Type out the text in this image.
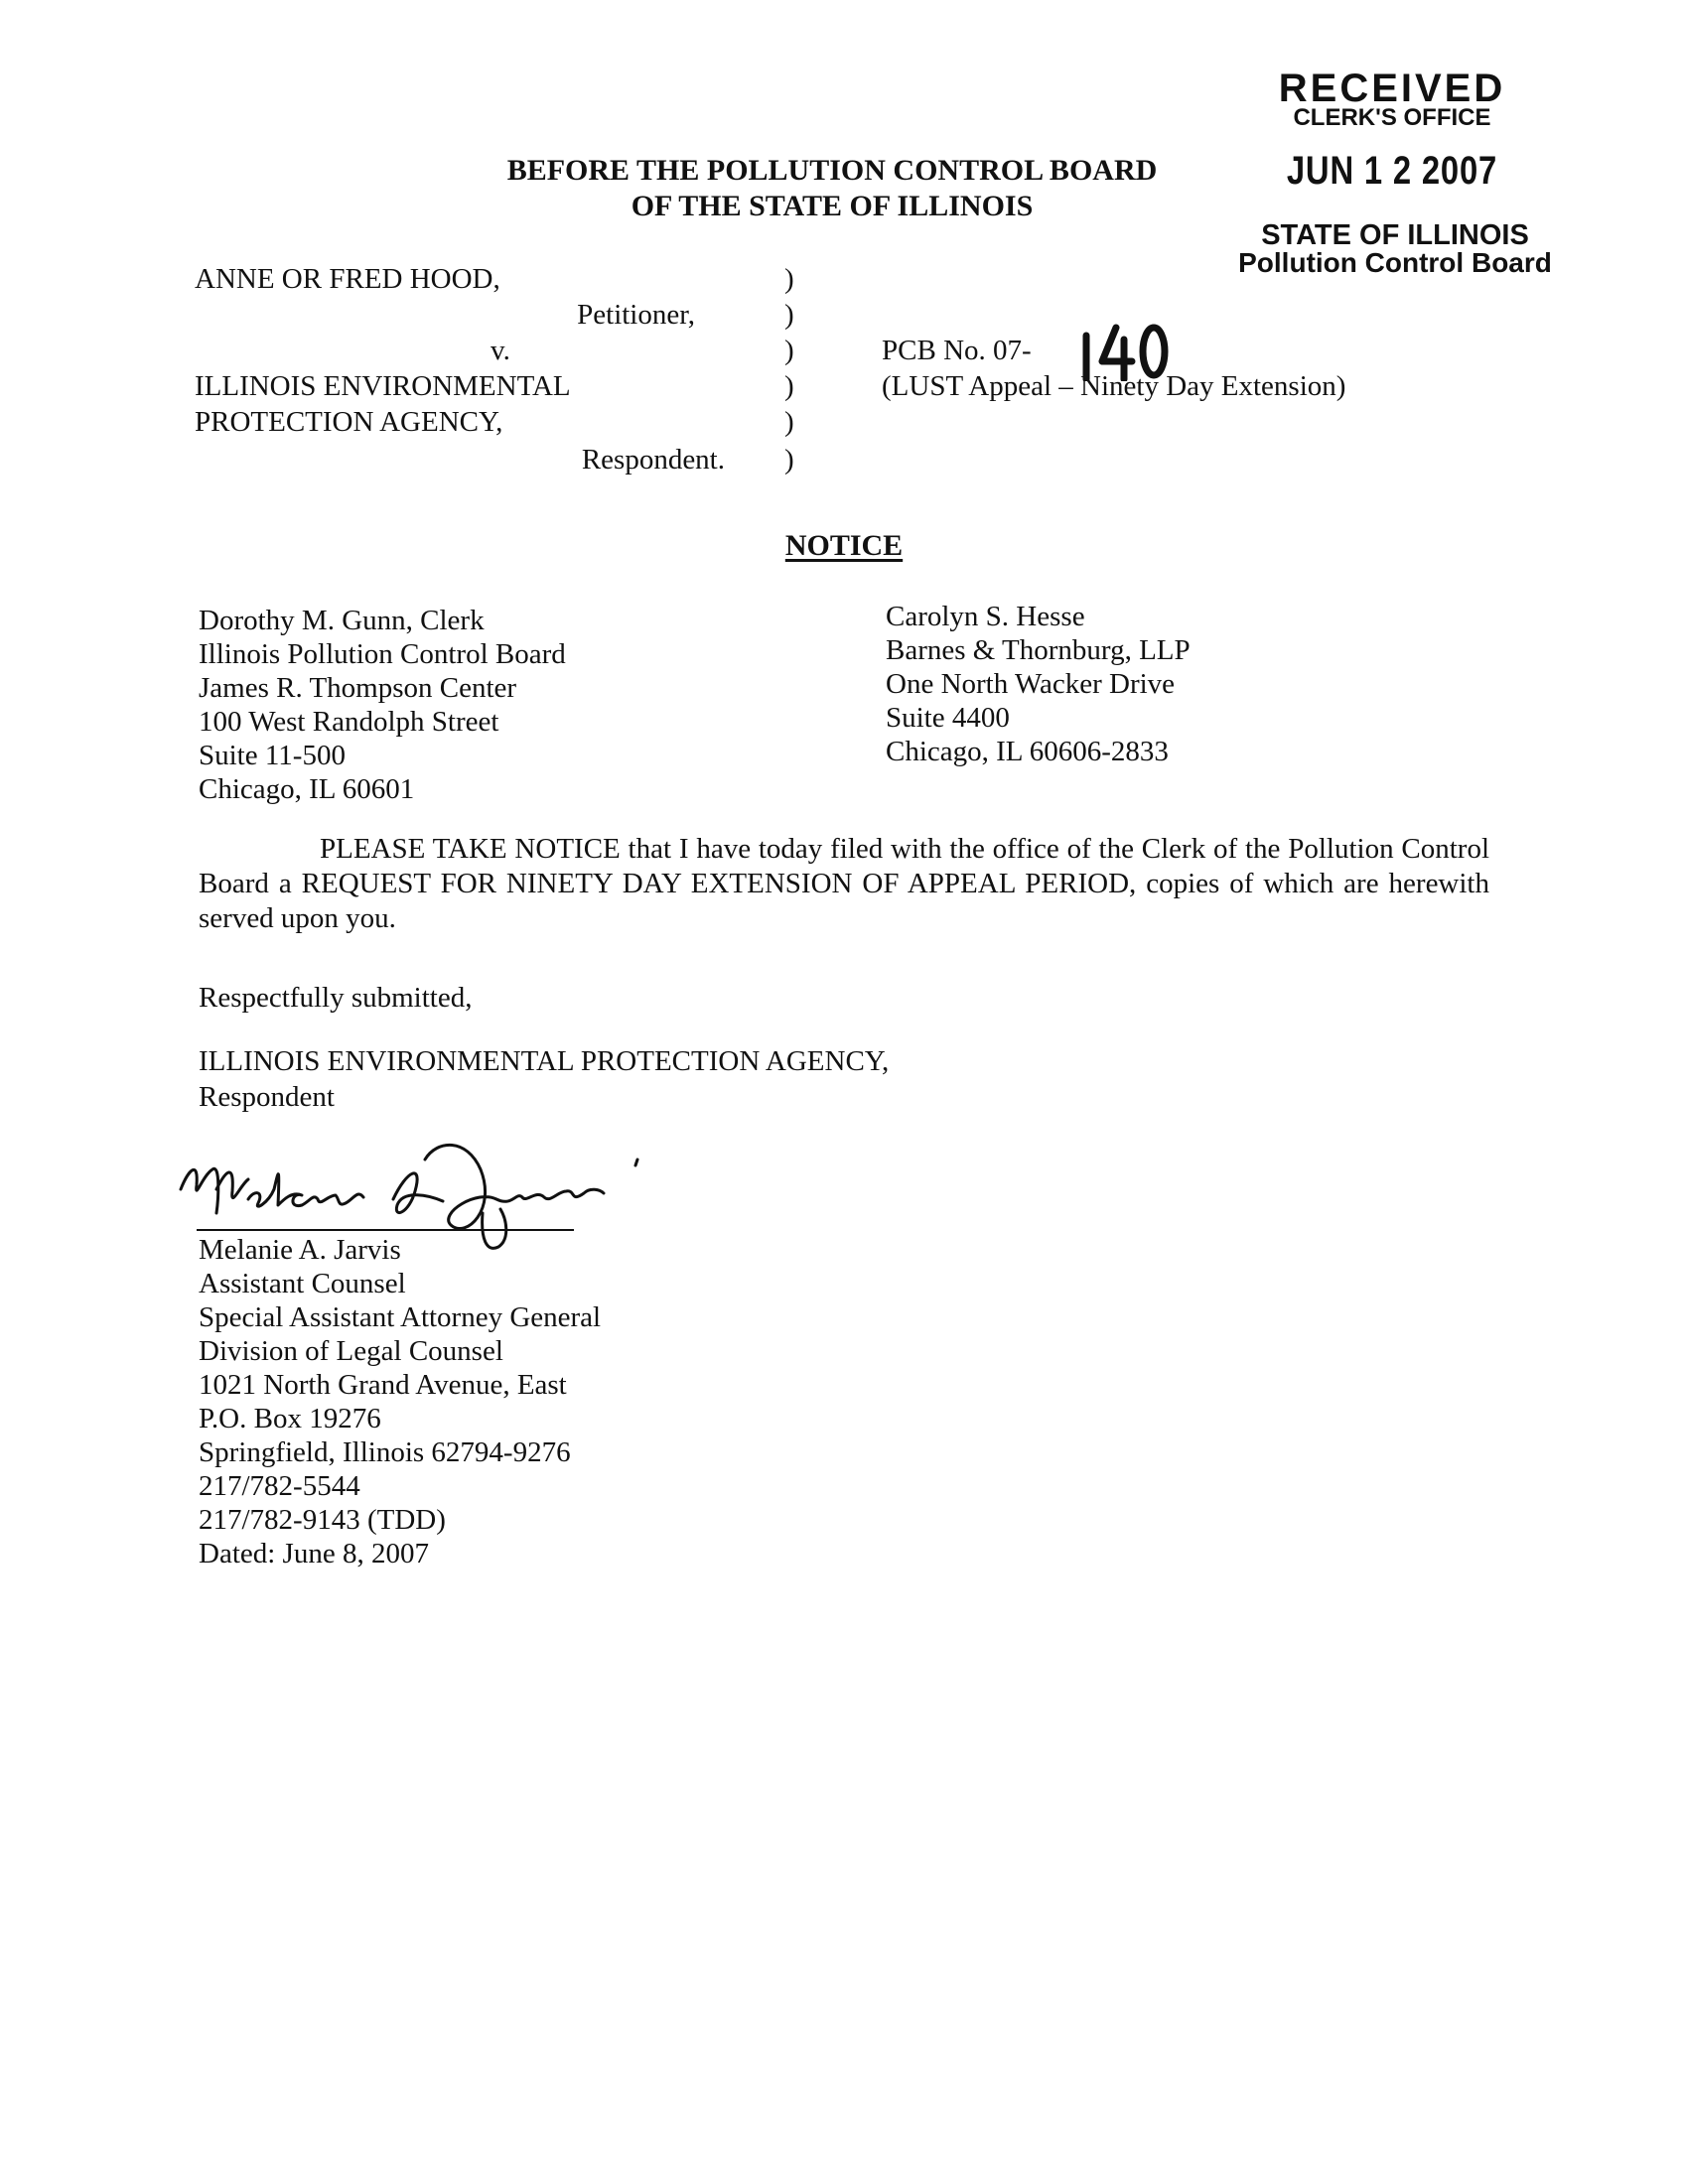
RECEIVED
CLERK'S OFFICE
JUN 1 2 2007
STATE OF ILLINOIS
Pollution Control Board
BEFORE THE POLLUTION CONTROL BOARD
OF THE STATE OF ILLINOIS
ANNE OR FRED HOOD,
Petitioner,
v.
ILLINOIS ENVIRONMENTAL
PROTECTION AGENCY,
Respondent.
)
)
)
)
)
)
PCB No. 07-
(LUST Appeal – Ninety Day Extension)
NOTICE
Dorothy M. Gunn, Clerk
Illinois Pollution Control Board
James R. Thompson Center
100 West Randolph Street
Suite 11-500
Chicago, IL 60601
Carolyn S. Hesse
Barnes & Thornburg, LLP
One North Wacker Drive
Suite 4400
Chicago, IL 60606-2833
PLEASE TAKE NOTICE that I have today filed with the office of the Clerk of the Pollution Control Board a REQUEST FOR NINETY DAY EXTENSION OF APPEAL PERIOD, copies of which are herewith served upon you.
Respectfully submitted,
ILLINOIS ENVIRONMENTAL PROTECTION AGENCY,
Respondent
Melanie A. Jarvis
Assistant Counsel
Special Assistant Attorney General
Division of Legal Counsel
1021 North Grand Avenue, East
P.O. Box 19276
Springfield, Illinois 62794-9276
217/782-5544
217/782-9143 (TDD)
Dated: June 8, 2007
